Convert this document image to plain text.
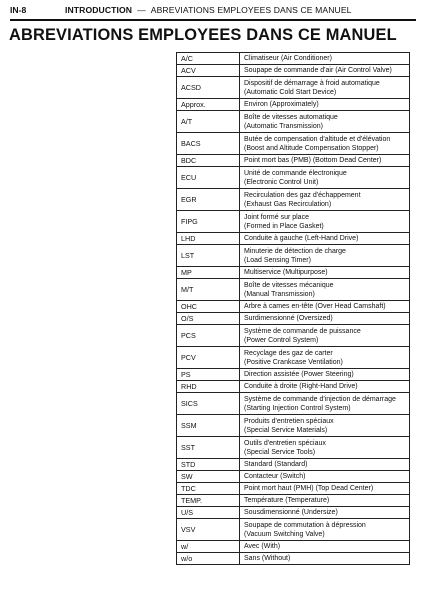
IN-8	INTRODUCTION — ABREVIATIONS EMPLOYEES DANS CE MANUEL
ABREVIATIONS EMPLOYEES DANS CE MANUEL
A/C	Climatiseur (Air Conditioner)

ACV	Soupape de commande d'air (Air Control Valve)

ACSD	Dispositif de démarrage à froid automatique
(Automatic Cold Start Device)

Approx.	Environ (Approximately)

A/T	Boîte de vitesses automatique
(Automatic Transmission)

BACS	Butée de compensation d'altitude et d'élévation
(Boost and Altitude Compensation Stopper)

BDC	Point mort bas (PMB) (Bottom Dead Center)

ECU	Unité de commande électronique
(Electronic Control Unit)

EGR	Recirculation des gaz d'échappement
(Exhaust Gas Recirculation)

FIPG	Joint formé sur place
(Formed in Place Gasket)

LHD	Conduite à gauche (Left-Hand Drive)

LST	Minuterie de détection de charge
(Load Sensing Timer)

MP	Multiservice (Multipurpose)

M/T	Boîte de vitesses mécanique
(Manual Transmission)

OHC	Arbre à cames en-tête (Over Head Camshaft)

O/S	Surdimensionné (Oversized)

PCS	Système de commande de puissance
(Power Control System)

PCV	Recyclage des gaz de carter
(Positive Crankcase Ventilation)

PS	Direction assistée (Power Steering)

RHD	Conduite à droite (Right-Hand Drive)

SICS	Système de commande d'injection de démarrage
(Starting Injection Control System)

SSM	Produits d'entretien spéciaux
(Special Service Materials)

SST	Outils d'entretien spéciaux
(Special Service Tools)

STD	Standard (Standard)

SW	Contacteur (Switch)

TDC	Point mort haut (PMH) (Top Dead Center)

TEMP.	Température (Temperature)

U/S	Sousdimensionné (Undersize)

VSV	Soupape de commutation à dépression
(Vacuum Switching Valve)

w/	Avec (With)

w/o	Sans (Without)
